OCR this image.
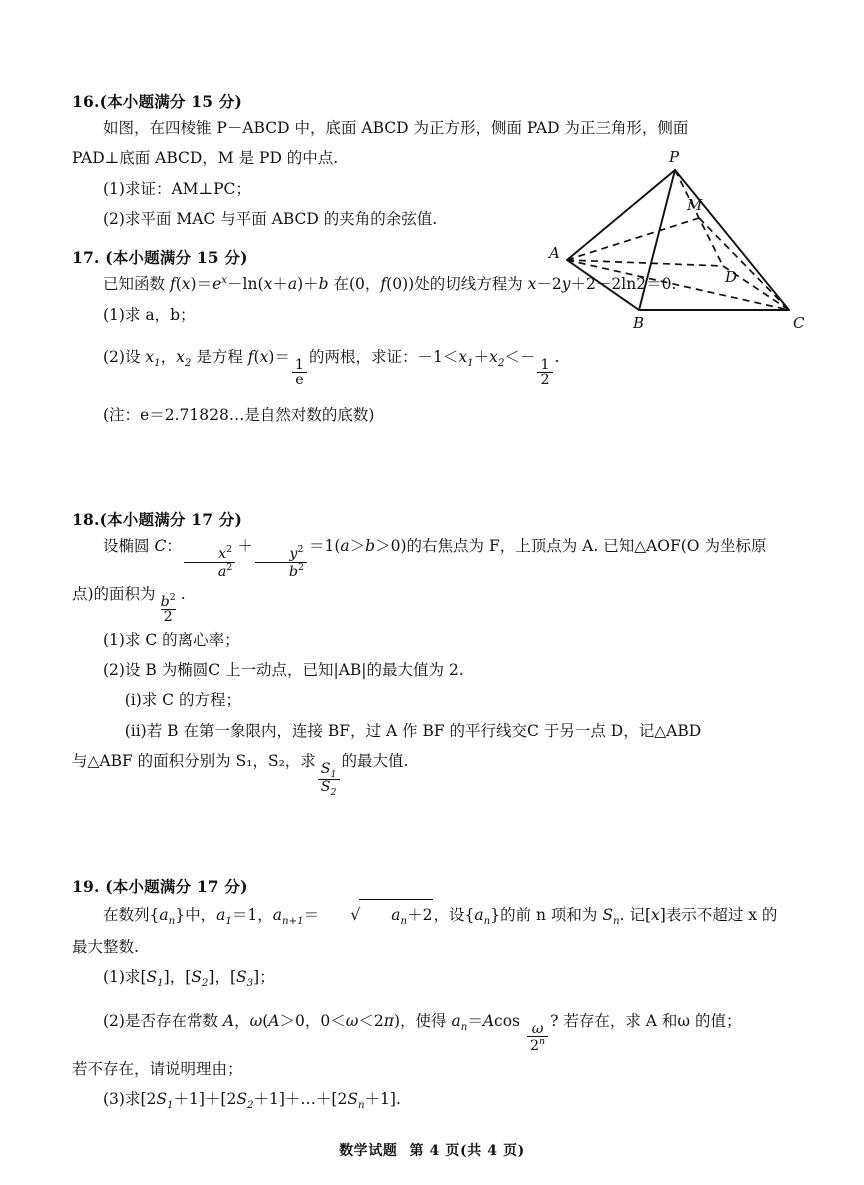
P
A
B	C
D
M

16.(本小题满分 15 分)

如图，在四棱锥 P－ABCD 中，底面 ABCD 为正方形，侧面 PAD 为正三角形，侧面

PAD⊥底面 ABCD，M 是 PD 的中点.

(1)求证：AM⊥PC；

(2)求平面 MAC 与平面 ABCD 的夹角的余弦值.

17. (本小题满分 15 分)

已知函数 $f(x)=e^x-\ln(x+a)+b$ 在(0，f(0))处的切线方程为 x－2y＋2－2ln2＝0.

(1)求 a，b；

(2)设 $x_1$，$x_2$ 是方程 f(x)＝
$\frac{1}{e}$
的两根，求证：$-1<x_1+x_2<-$
$\frac{1}{2}$
.

(注：e＝2.71828…是自然对数的底数)

18.(本小题满分 17 分)

设椭圆 C： $\frac{x^2}{a^2} + \frac{y^2}{b^2} =1(a>b>0)$的右焦点为 F，上顶点为 A. 已知△AOF(O 为坐标原

点)的面积为 $\frac{b^2}{2}$ .

(1)求 C 的离心率；

(2)设 B 为椭圆C 上一动点，已知|AB|的最大值为 2.

(i)求 C 的方程；

(ii)若 B 在第一象限内，连接 BF，过 A 作 BF 的平行线交C 于另一点 D，记△ABD

与△ABF 的面积分别为 S₁，S₂，求
$\frac{S_1}{S_2}$
的最大值.

19. (本小题满分 17 分)

在数列$\{a_n\}$中，$a_1=1$，$a_{n+1}=$ √ $a_n+2$，设$\{a_n\}$的前 n 项和为 $S_n$. 记[x]表示不超过 x 的

最大整数.

(1)求$[S_1]$，$[S_2]$，$[S_3]$；

(2)是否存在常数 A，ω(A＞0，0＜ω＜2π)，使得 $a_n=Acos$
$\frac{\omega}{2^n}$
? 若存在，求 A 和ω 的值；

若不存在，请说明理由；

(3)求$[2S_1+1]+[2S_2+1]+\dots+[2S_n+1]$.

数学试题 第 4 页(共 4 页)
